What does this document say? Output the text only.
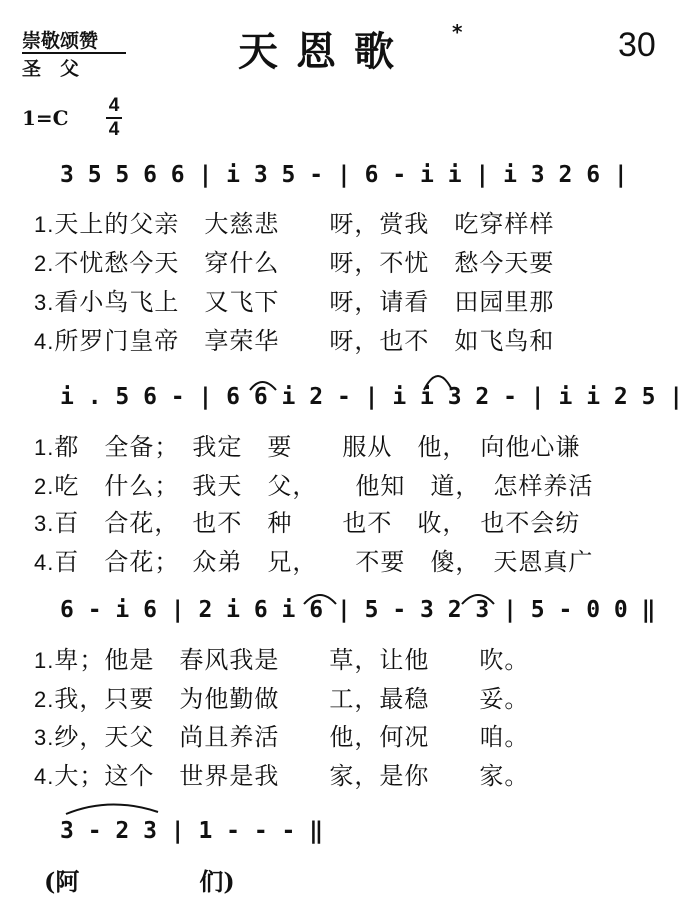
崇敬颂赞
圣　父	天恩歌 *	30
1=C
4
4
3 5 5 6 6 | i 3 5 - | 6 - i i | i 3 2 6 |
1.天上的父亲　大慈悲　　呀，赏我　吃穿样样
2.不忧愁今天　穿什么　　呀，不忧　愁今天要
3.看小鸟飞上　又飞下　　呀，请看　田园里那
4.所罗门皇帝　享荣华　　呀，也不　如飞鸟和
i . 5 6 - | 6 6 i 2 - | i i 3 2 - | i i 2 5 |
1.都　全备；　我定　要　　服从　他，　向他心谦
2.吃　什么；　我天　父，　　他知　道，　怎样养活
3.百　合花，　也不　种　　也不　收，　也不会纺
4.百　合花；　众弟　兄，　　不要　傻，　天恩真广
6 - i 6 | 2 i 6 i 6 | 5 - 3 2 3 | 5 - 0 0 ‖
1.卑；他是　春风我是　　草，让他　　吹。
2.我，只要　为他勤做　　工，最稳　　妥。
3.纱，天父　尚且养活　　他，何况　　咱。
4.大；这个　世界是我　　家，是你　　家。
3 - 2 3 | 1 - - - ‖
(阿　　　　　们)
